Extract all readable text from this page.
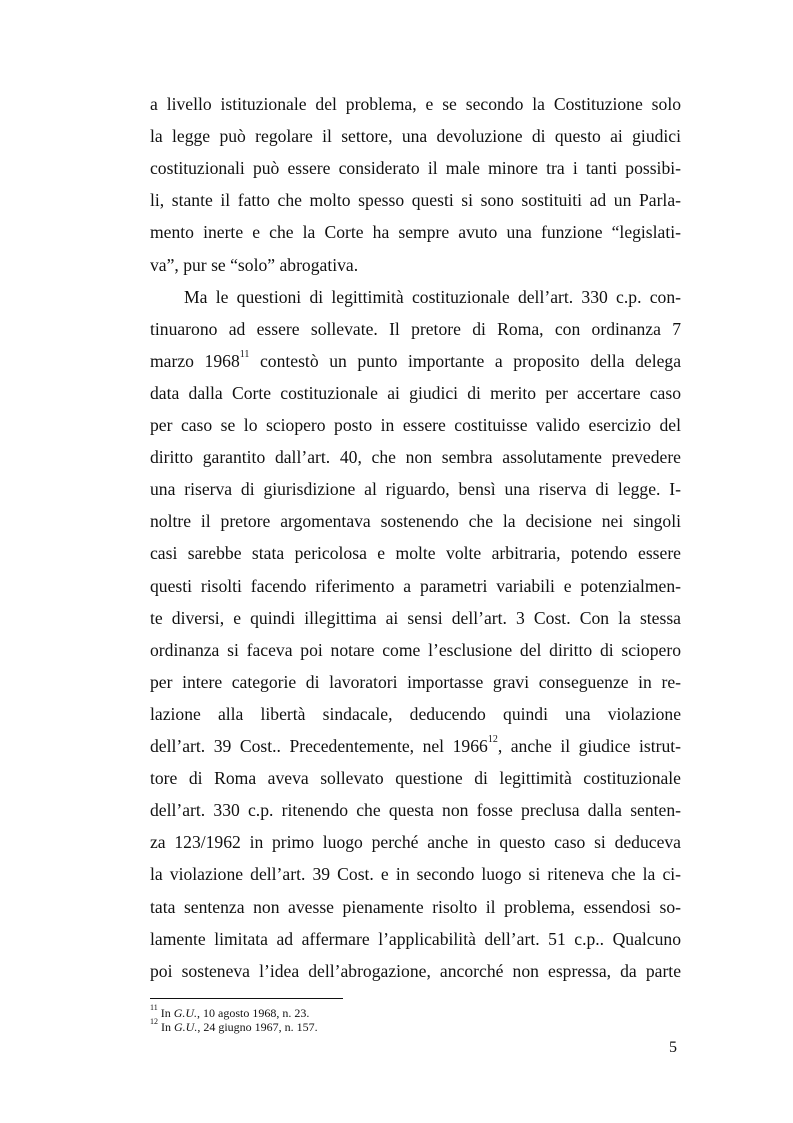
a livello istituzionale del problema, e se secondo la Costituzione solo
la legge può regolare il settore, una devoluzione di questo ai giudici
costituzionali può essere considerato il male minore tra i tanti possibi-
li, stante il fatto che molto spesso questi si sono sostituiti ad un Parla-
mento inerte e che la Corte ha sempre avuto una funzione “legislati-
va”, pur se “solo” abrogativa.
Ma le questioni di legittimità costituzionale dell’art. 330 c.p. con-
tinuarono ad essere sollevate. Il pretore di Roma, con ordinanza 7
marzo 1968$^{11}$ contestò un punto importante a proposito della delega
data dalla Corte costituzionale ai giudici di merito per accertare caso
per caso se lo sciopero posto in essere costituisse valido esercizio del
diritto garantito dall’art. 40, che non sembra assolutamente prevedere
una riserva di giurisdizione al riguardo, bensì una riserva di legge. I-
noltre il pretore argomentava sostenendo che la decisione nei singoli
casi sarebbe stata pericolosa e molte volte arbitraria, potendo essere
questi risolti facendo riferimento a parametri variabili e potenzialmen-
te diversi, e quindi illegittima ai sensi dell’art. 3 Cost. Con la stessa
ordinanza si faceva poi notare come l’esclusione del diritto di sciopero
per intere categorie di lavoratori importasse gravi conseguenze in re-
lazione alla libertà sindacale, deducendo quindi una violazione
dell’art. 39 Cost.. Precedentemente, nel 1966$^{12}$, anche il giudice istrut-
tore di Roma aveva sollevato questione di legittimità costituzionale
dell’art. 330 c.p. ritenendo che questa non fosse preclusa dalla senten-
za 123/1962 in primo luogo perché anche in questo caso si deduceva
la violazione dell’art. 39 Cost. e in secondo luogo si riteneva che la ci-
tata sentenza non avesse pienamente risolto il problema, essendosi so-
lamente limitata ad affermare l’applicabilità dell’art. 51 c.p.. Qualcuno
poi sosteneva l’idea dell’abrogazione, ancorché non espressa, da parte
$^{11}$ In G.U., 10 agosto 1968, n. 23.
$^{12}$ In G.U., 24 giugno 1967, n. 157.
5
